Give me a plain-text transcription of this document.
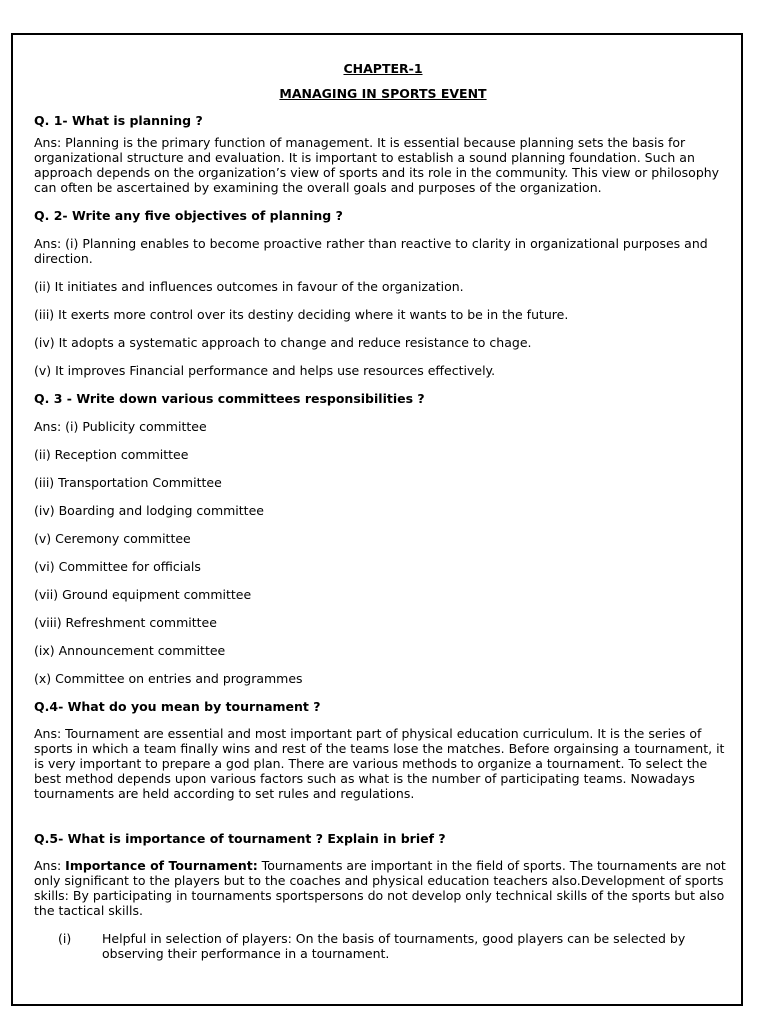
CHAPTER-1

MANAGING IN SPORTS EVENT

Q. 1- What is planning ?

Ans: Planning is the primary function of management. It is essential because planning sets the basis for organizational structure and evaluation. It is important to establish a sound planning foundation. Such an approach depends on the organization’s view of sports and its role in the community. This view or philosophy can often be ascertained by examining the overall goals and purposes of the organization.

Q. 2- Write any five objectives of planning ?

Ans: (i) Planning enables to become proactive rather than reactive to clarity in organizational purposes and direction.

(ii) It initiates and influences outcomes in favour of the organization.

(iii) It exerts more control over its destiny deciding where it wants to be in the future.

(iv) It adopts a systematic approach to change and reduce resistance to chage.

(v) It improves Financial performance and helps use resources effectively.

Q. 3 - Write down various committees responsibilities ?

Ans: (i) Publicity committee

(ii) Reception committee

(iii) Transportation Committee

(iv) Boarding and lodging committee

(v) Ceremony committee

(vi) Committee for officials

(vii) Ground equipment committee

(viii) Refreshment committee

(ix) Announcement committee

(x) Committee on entries and programmes

Q.4- What do you mean by tournament ?

Ans: Tournament are essential and most important part of physical education curriculum. It is the series of sports in which a team finally wins and rest of the teams lose the matches. Before orgainsing a tournament, it is very important to prepare a god plan. There are various methods to organize a tournament. To select the best method depends upon various factors such as what is the number of participating teams. Nowadays tournaments are held according to set rules and regulations.

Q.5- What is importance of tournament ? Explain in brief ?

Ans: Importance of Tournament: Tournaments are important in the field of sports. The tournaments are not only significant to the players but to the coaches and physical education teachers also.Development of sports skills: By participating in tournaments sportspersons do not develop only technical skills of the sports but also the tactical skills.

(i)	Helpful in selection of players: On the basis of tournaments, good players can be selected by observing their performance in a tournament.
